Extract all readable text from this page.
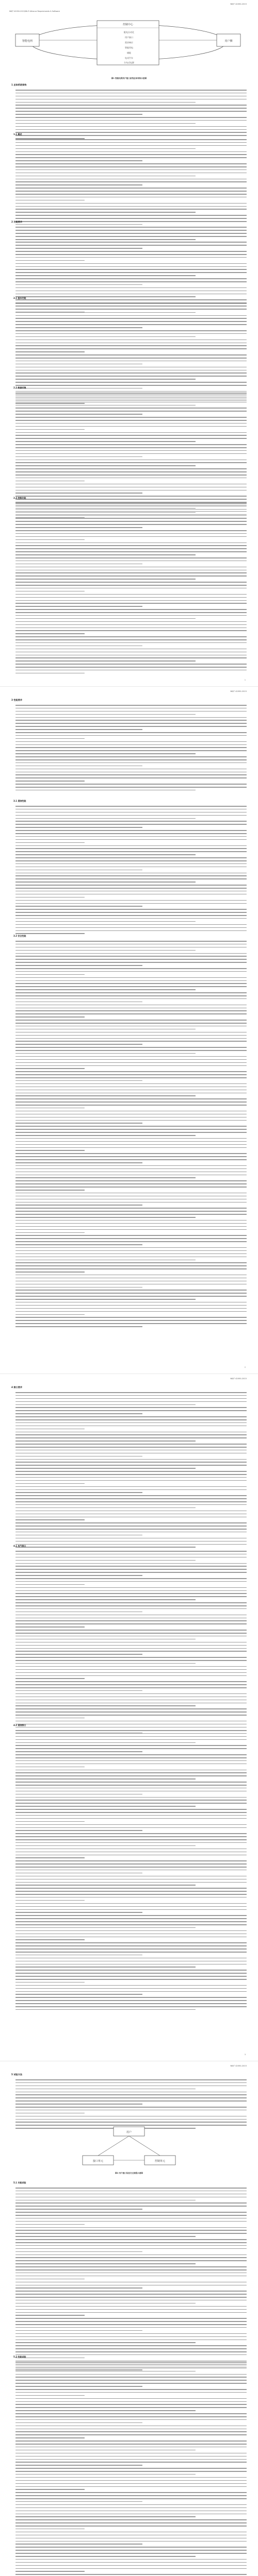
NB/T 42050-2015
NB/T 42050-2015/Wi-Fi Alliance Requirements & Software
智能电网	用户侧
控制中心
配电自动化
用户接口
需求响应
智能用电
储能
电动汽车
分布式电源
图1 智能电网用户接口系统总体架构示意图
1 总体系统架构
1.1 概述
2 功能要求
2.1 基本功能
2.2 数据采集
2.3 控制功能
1
NB/T 42050-2015
3 性能要求
3.1 通信性能
3.2 安全性能
2
NB/T 42050-2015
4 接口要求
4.1 电气接口
4.2 通信接口
3
NB/T 42050-2015
5 试验方法
用户
接口单元	控制单元
图2 用户接口信息交互流程示意图
5.1 功能试验
5.2 性能试验
